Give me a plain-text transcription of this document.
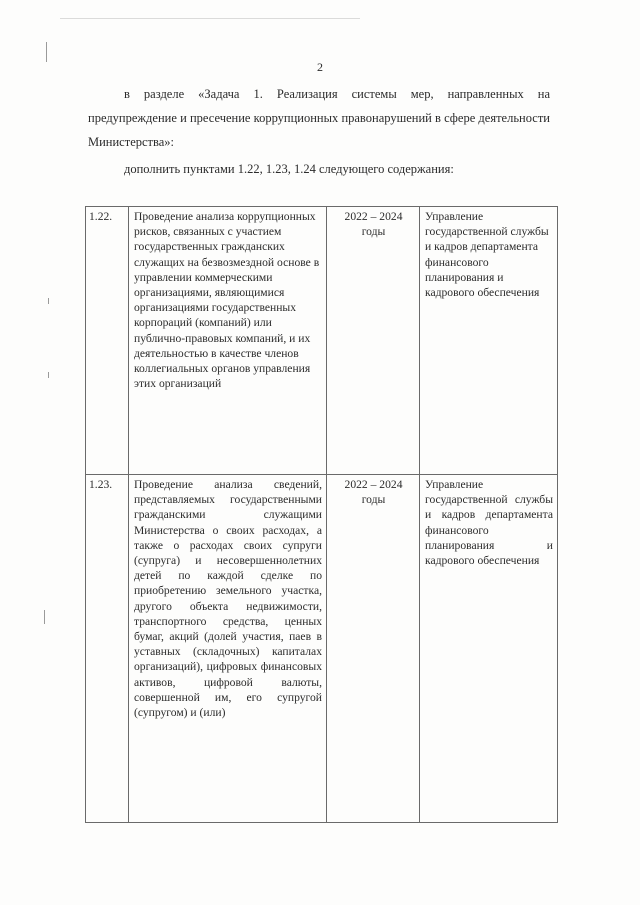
2

в разделе «Задача 1. Реализация системы мер, направленных на предупреждение и пресечение коррупционных правонарушений в сфере деятельности Министерства»:

дополнить пунктами 1.22, 1.23, 1.24 следующего содержания:

1.22.	Проведение анализа коррупционных рисков, связанных с участием государственных гражданских служащих на безвозмездной основе в управлении коммерческими организациями, являющимися организациями государственных корпораций (компаний) или публично-правовых компаний, и их деятельностью в качестве членов коллегиальных органов управления этих организаций	2022 – 2024 годы	Управление государственной службы и кадров департамента финансового планирования и кадрового обеспечения
1.23.	Проведение анализа сведений, представляемых государственными гражданскими служащими Министерства о своих расходах, а также о расходах своих супруги (супруга) и несовершеннолетних детей по каждой сделке по приобретению земельного участка, другого объекта недвижимости, транспортного средства, ценных бумаг, акций (долей участия, паев в уставных (складочных) капиталах организаций), цифровых финансовых активов, цифровой валюты, совершенной им, его супругой (супругом) и (или)	2022 – 2024 годы	Управление государственной службы и кадров департамента финансового планирования и кадрового обеспечения
